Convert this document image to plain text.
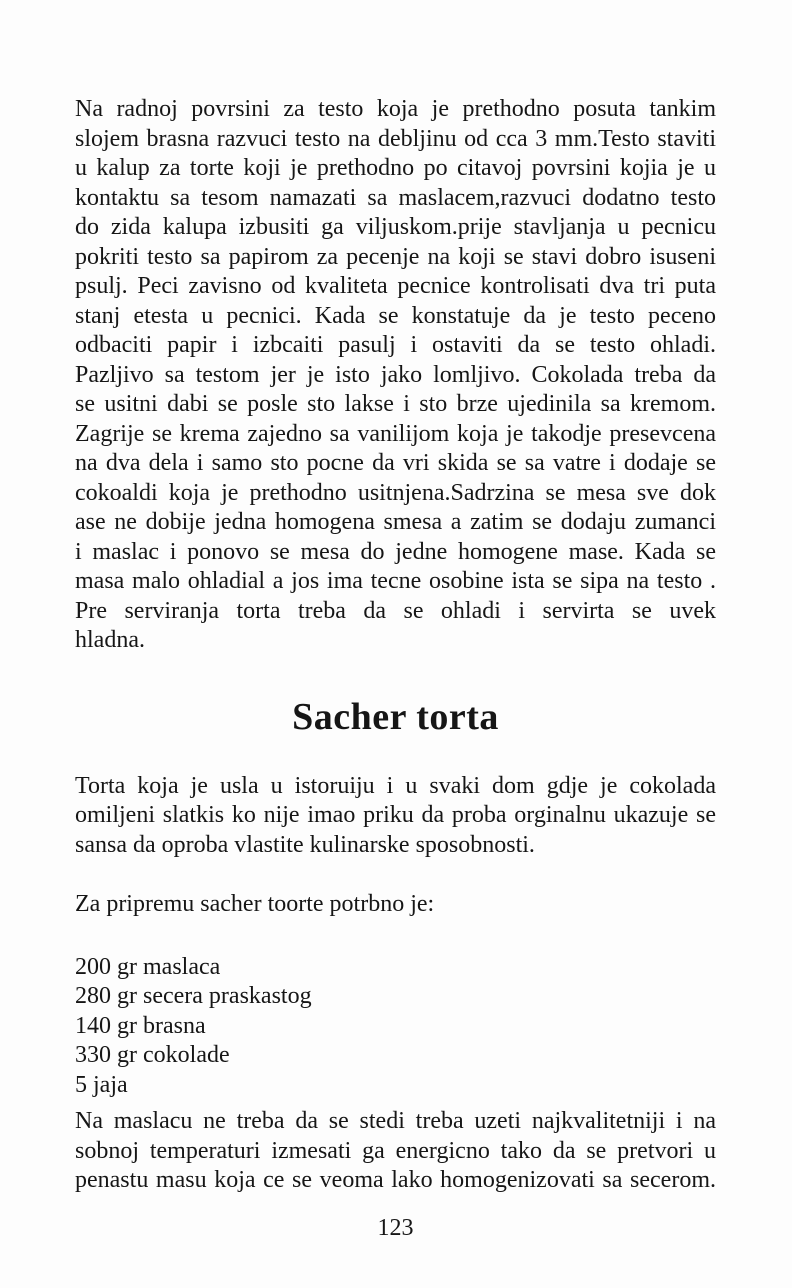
Na radnoj povrsini za testo koja je prethodno posuta tankim
slojem brasna razvuci testo na debljinu od cca 3 mm.Testo staviti
u kalup za torte koji je prethodno po citavoj povrsini kojia je u
kontaktu sa tesom namazati sa maslacem,razvuci dodatno testo
do zida kalupa izbusiti ga viljuskom.prije stavljanja u pecnicu
pokriti testo sa papirom za pecenje na koji se stavi dobro isuseni
psulj. Peci zavisno od kvaliteta pecnice kontrolisati dva tri puta
stanj etesta u pecnici. Kada se konstatuje da je testo peceno
odbaciti papir i izbcaiti pasulj i ostaviti da se testo ohladi.
Pazljivo sa testom jer je isto jako lomljivo. Cokolada treba da
se usitni dabi se posle sto lakse i sto brze ujedinila sa kremom.
Zagrije se krema zajedno sa vanilijom koja je takodje presevcena
na dva dela i samo sto pocne da vri skida se sa vatre i dodaje se
cokoaldi koja je prethodno usitnjena.Sadrzina se mesa sve dok
ase ne dobije jedna homogena smesa a zatim se dodaju zumanci
i maslac i ponovo se mesa do jedne homogene mase. Kada se
masa malo ohladial a jos ima tecne osobine ista se sipa na testo .
Pre serviranja torta treba da se ohladi i servirta se uvek
hladna.
Sacher torta
Torta koja je usla u istoruiju i u svaki dom gdje je cokolada
omiljeni slatkis ko nije imao priku da proba orginalnu ukazuje se
sansa da oproba vlastite kulinarske sposobnosti.
Za pripremu sacher toorte potrbno je:
200 gr maslaca
280 gr secera praskastog
140 gr brasna
330 gr cokolade
5 jaja
Na maslacu ne treba da se stedi treba uzeti najkvalitetniji i na
sobnoj temperaturi izmesati ga energicno tako da se pretvori u
penastu masu koja ce se veoma lako homogenizovati sa secerom.
123
